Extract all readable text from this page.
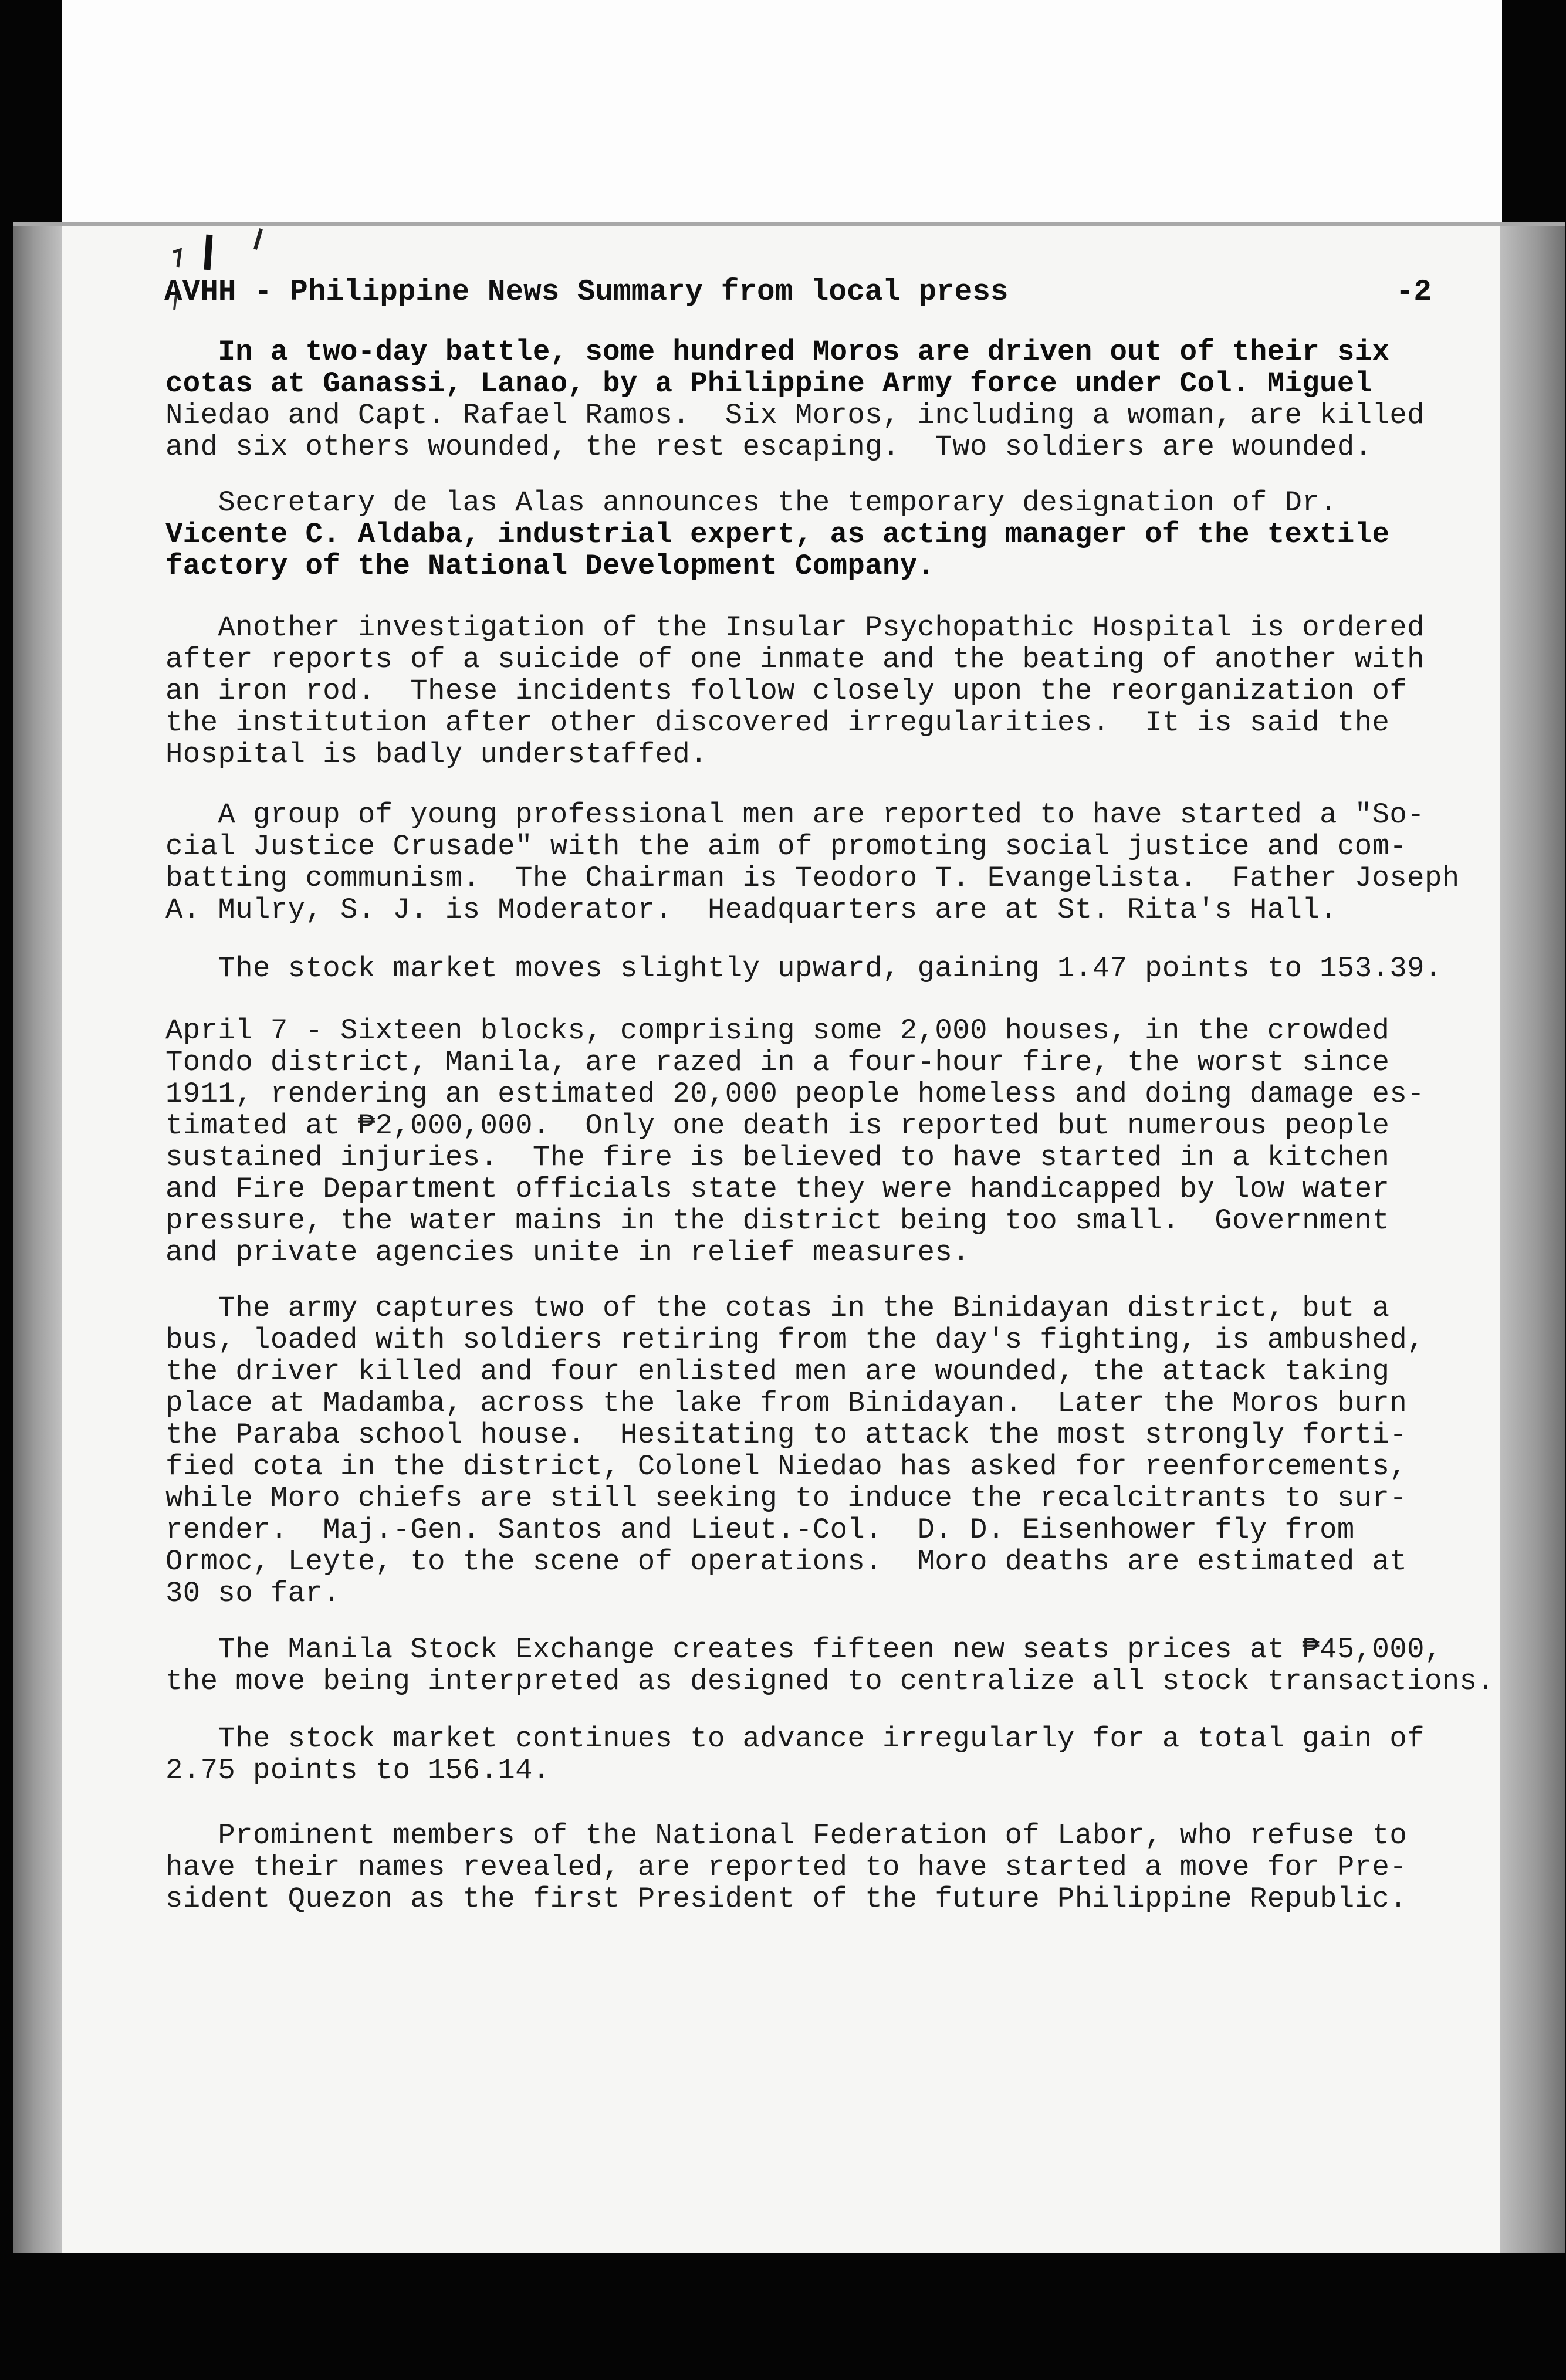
AVHH - Philippine News Summary from local press

	-2

In a two-day battle, some hundred Moros are driven out of their six
cotas at Ganassi, Lanao, by a Philippine Army force under Col. Miguel
Niedao and Capt. Rafael Ramos.  Six Moros, including a woman, are killed
and six others wounded, the rest escaping.  Two soldiers are wounded.
Secretary de las Alas announces the temporary designation of Dr.
Vicente C. Aldaba, industrial expert, as acting manager of the textile
factory of the National Development Company.
Another investigation of the Insular Psychopathic Hospital is ordered
after reports of a suicide of one inmate and the beating of another with
an iron rod.  These incidents follow closely upon the reorganization of
the institution after other discovered irregularities.  It is said the
Hospital is badly understaffed.
A group of young professional men are reported to have started a "So-
cial Justice Crusade" with the aim of promoting social justice and com-
batting communism.  The Chairman is Teodoro T. Evangelista.  Father Joseph
A. Mulry, S. J. is Moderator.  Headquarters are at St. Rita's Hall.
The stock market moves slightly upward, gaining 1.47 points to 153.39.
April 7 - Sixteen blocks, comprising some 2,000 houses, in the crowded
Tondo district, Manila, are razed in a four-hour fire, the worst since
1911, rendering an estimated 20,000 people homeless and doing damage es-
timated at ₱2,000,000.  Only one death is reported but numerous people
sustained injuries.  The fire is believed to have started in a kitchen
and Fire Department officials state they were handicapped by low water
pressure, the water mains in the district being too small.  Government
and private agencies unite in relief measures.
The army captures two of the cotas in the Binidayan district, but a
bus, loaded with soldiers retiring from the day's fighting, is ambushed,
the driver killed and four enlisted men are wounded, the attack taking
place at Madamba, across the lake from Binidayan.  Later the Moros burn
the Paraba school house.  Hesitating to attack the most strongly forti-
fied cota in the district, Colonel Niedao has asked for reenforcements,
while Moro chiefs are still seeking to induce the recalcitrants to sur-
render.  Maj.-Gen. Santos and Lieut.-Col.  D. D. Eisenhower fly from
Ormoc, Leyte, to the scene of operations.  Moro deaths are estimated at
30 so far.
The Manila Stock Exchange creates fifteen new seats prices at ₱45,000,
the move being interpreted as designed to centralize all stock transactions.
The stock market continues to advance irregularly for a total gain of
2.75 points to 156.14.
Prominent members of the National Federation of Labor, who refuse to
have their names revealed, are reported to have started a move for Pre-
sident Quezon as the first President of the future Philippine Republic.
